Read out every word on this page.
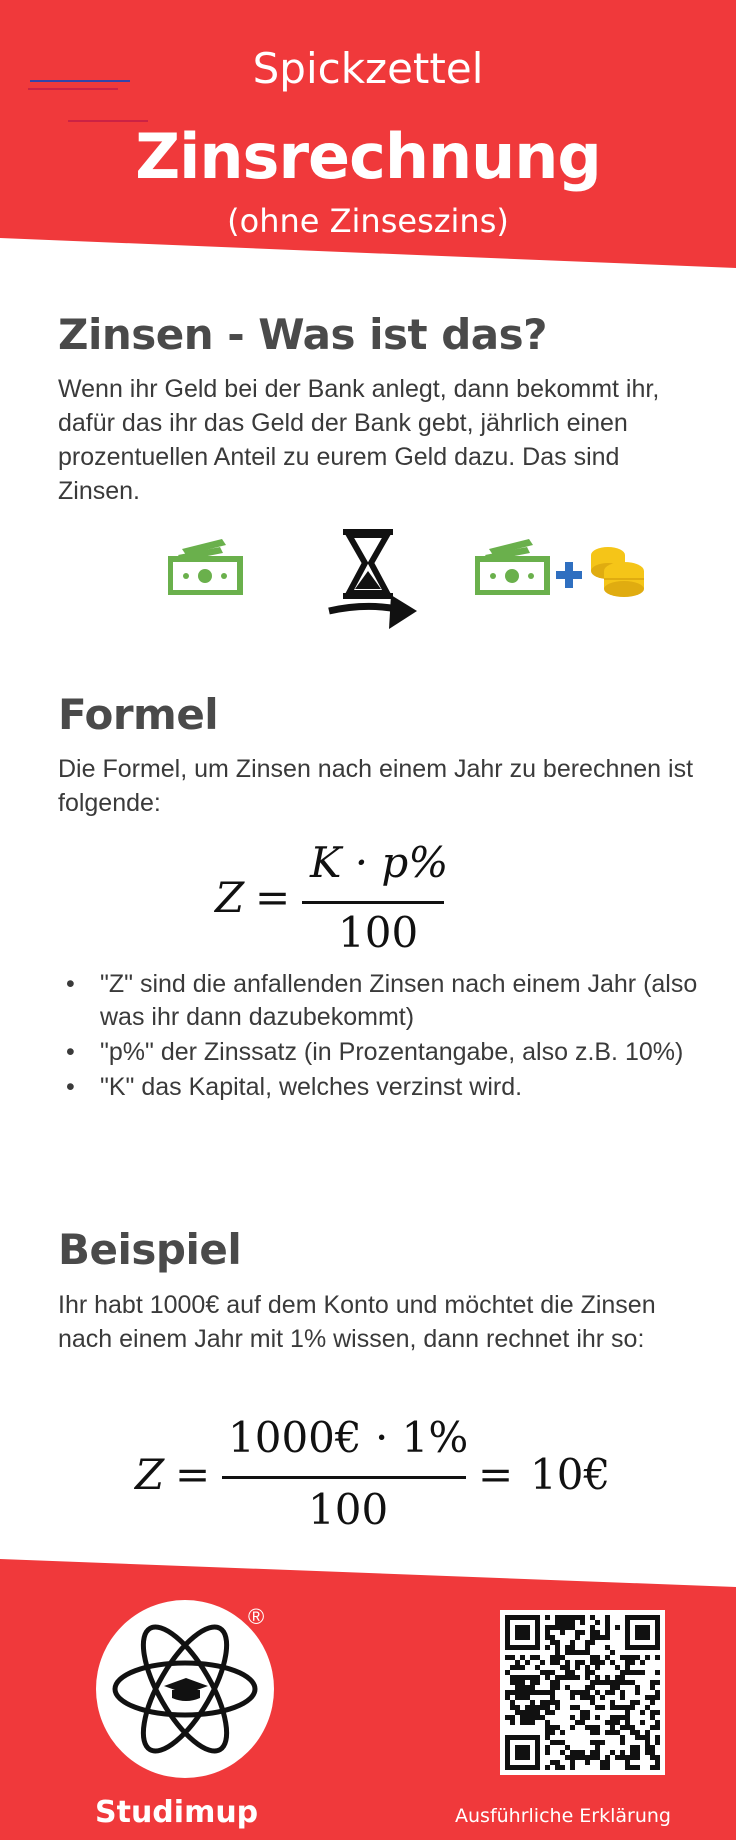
Spickzettel
Zinsrechnung
(ohne Zinseszins)
Zinsen - Was ist das?

Wenn ihr Geld bei der Bank anlegt, dann bekommt ihr, dafür das ihr das Geld der Bank gebt, jährlich einen prozentuellen Anteil zu eurem Geld dazu. Das sind Zinsen.

Formel

Die Formel, um Zinsen nach einem Jahr zu berechnen ist folgende:

Z =
K · p%
100
• "Z" sind die anfallenden Zinsen nach einem Jahr (also was ihr dann dazubekommt)
• "p%" der Zinssatz (in Prozentangabe, also z.B. 10%)
• "K" das Kapital, welches verzinst wird.
Beispiel

Ihr habt 1000€ auf dem Konto und möchtet die Zinsen nach einem Jahr mit 1% wissen, dann rechnet ihr so:

Z =
1000€ · 1%
100
= 10€
®
Studimup	Ausführliche Erklärung
